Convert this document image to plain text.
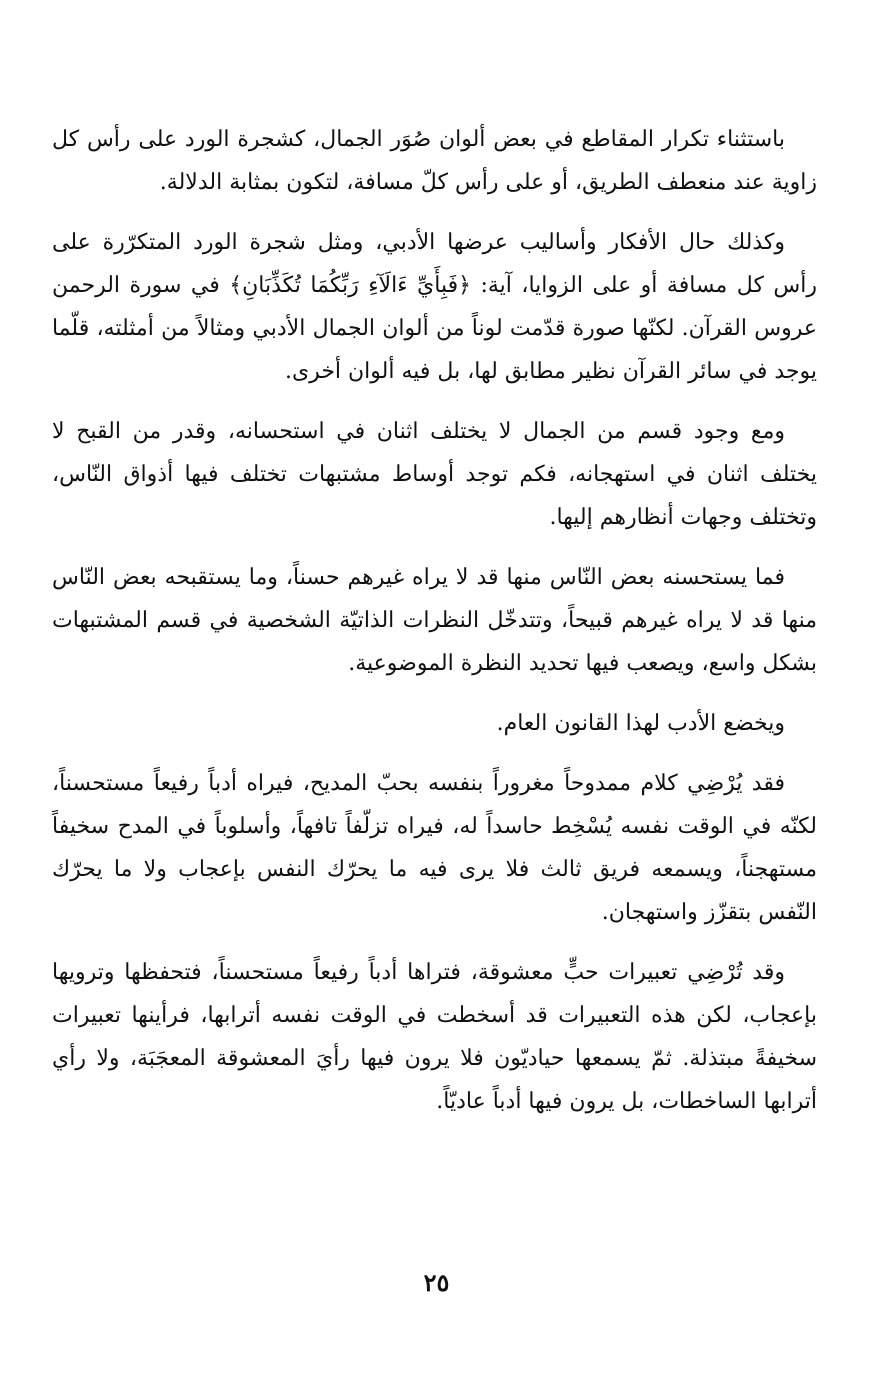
باستثناء تكرار المقاطع في بعض ألوان صُوَر الجمال، كشجرة الورد على رأس كل زاوية عند منعطف الطريق، أو على رأس كلّ مسافة، لتكون بمثابة الدلالة.

وكذلك حال الأفكار وأساليب عرضها الأدبي، ومثل شجرة الورد المتكرّرة على رأس كل مسافة أو على الزوايا، آية: ﴿فَبِأَيِّ ءَالَآءِ رَبِّكُمَا تُكَذِّبَانِ﴾ في سورة الرحمن عروس القرآن. لكنّها صورة قدّمت لوناً من ألوان الجمال الأدبي ومثالاً من أمثلته، قلّما يوجد في سائر القرآن نظير مطابق لها، بل فيه ألوان أخرى.

ومع وجود قسم من الجمال لا يختلف اثنان في استحسانه، وقدر من القبح لا يختلف اثنان في استهجانه، فكم توجد أوساط مشتبهات تختلف فيها أذواق النّاس، وتختلف وجهات أنظارهم إليها.

فما يستحسنه بعض النّاس منها قد لا يراه غيرهم حسناً، وما يستقبحه بعض النّاس منها قد لا يراه غيرهم قبيحاً، وتتدخّل النظرات الذاتيّة الشخصية في قسم المشتبهات بشكل واسع، ويصعب فيها تحديد النظرة الموضوعية.

ويخضع الأدب لهذا القانون العام.

فقد يُرْضِي كلام ممدوحاً مغروراً بنفسه بحبّ المديح، فيراه أدباً رفيعاً مستحسناً، لكنّه في الوقت نفسه يُسْخِط حاسداً له، فيراه تزلّفاً تافهاً، وأسلوباً في المدح سخيفاً مستهجناً، ويسمعه فريق ثالث فلا يرى فيه ما يحرّك النفس بإعجاب ولا ما يحرّك النّفس بتقزّز واستهجان.

وقد تُرْضِي تعبيرات حبٍّ معشوقة، فتراها أدباً رفيعاً مستحسناً، فتحفظها وترويها بإعجاب، لكن هذه التعبيرات قد أسخطت في الوقت نفسه أترابها، فرأينها تعبيرات سخيفةً مبتذلة. ثمّ يسمعها حياديّون فلا يرون فيها رأيَ المعشوقة المعجَبَة، ولا رأي أترابها الساخطات، بل يرون فيها أدباً عاديّاً.

٢٥
